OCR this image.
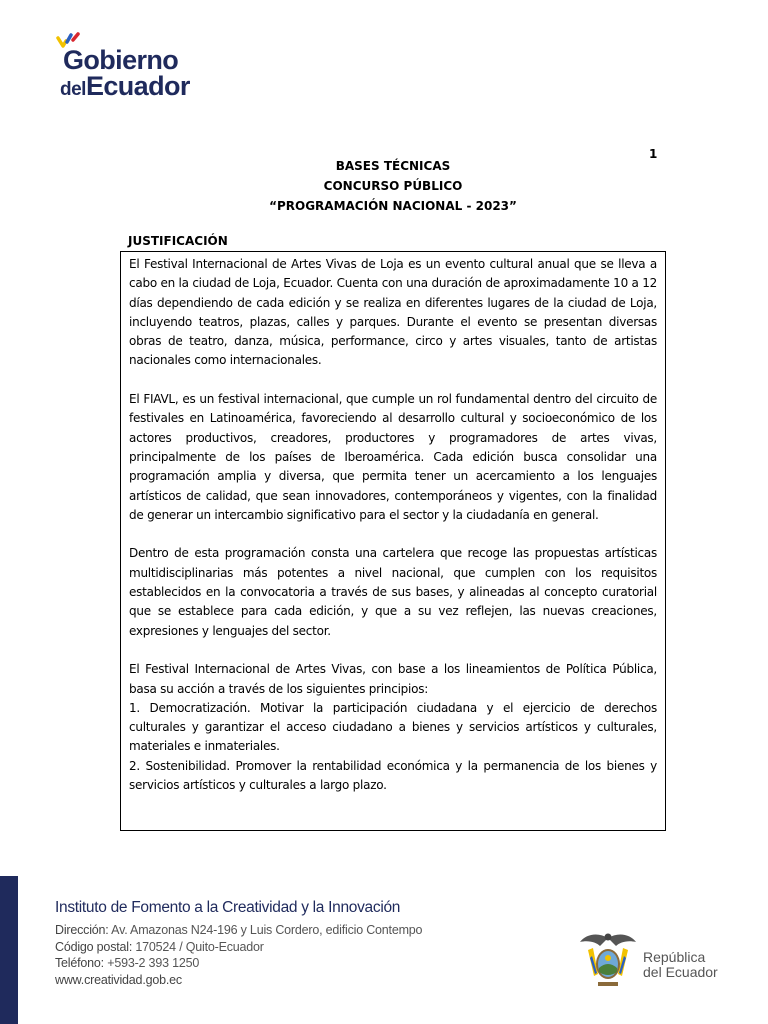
Gobierno
delEcuador
1
BASES TÉCNICAS
CONCURSO PÚBLICO
“PROGRAMACIÓN NACIONAL - 2023”
JUSTIFICACIÓN

El Festival Internacional de Artes Vivas de Loja es un evento cultural anual que se lleva a cabo en la ciudad de Loja, Ecuador. Cuenta con una duración de aproximadamente 10 a 12 días dependiendo de cada edición y se realiza en diferentes lugares de la ciudad de Loja, incluyendo teatros, plazas, calles y parques. Durante el evento se presentan diversas obras de teatro, danza, música, performance, circo y artes visuales, tanto de artistas nacionales como internacionales.

El FIAVL, es un festival internacional, que cumple un rol fundamental dentro del circuito de festivales en Latinoamérica, favoreciendo al desarrollo cultural y socioeconómico de los actores productivos, creadores, productores y programadores de artes vivas, principalmente de los países de Iberoamérica. Cada edición busca consolidar una programación amplia y diversa, que permita tener un acercamiento a los lenguajes artísticos de calidad, que sean innovadores, contemporáneos y vigentes, con la finalidad de generar un intercambio significativo para el sector y la ciudadanía en general.

Dentro de esta programación consta una cartelera que recoge las propuestas artísticas multidisciplinarias más potentes a nivel nacional, que cumplen con los requisitos establecidos en la convocatoria a través de sus bases, y alineadas al concepto curatorial que se establece para cada edición, y que a su vez reflejen, las nuevas creaciones, expresiones y lenguajes del sector.

El Festival Internacional de Artes Vivas, con base a los lineamientos de Política Pública, basa su acción a través de los siguientes principios:

1. Democratización. Motivar la participación ciudadana y el ejercicio de derechos culturales y garantizar el acceso ciudadano a bienes y servicios artísticos y culturales, materiales e inmateriales.

2. Sostenibilidad. Promover la rentabilidad económica y la permanencia de los bienes y servicios artísticos y culturales a largo plazo.

Instituto de Fomento a la Creatividad y la Innovación
Dirección: Av. Amazonas N24-196 y Luis Cordero, edificio Contempo
Código postal: 170524 / Quito-Ecuador
Teléfono: +593-2 393 1250
www.creatividad.gob.ec
República
del Ecuador
